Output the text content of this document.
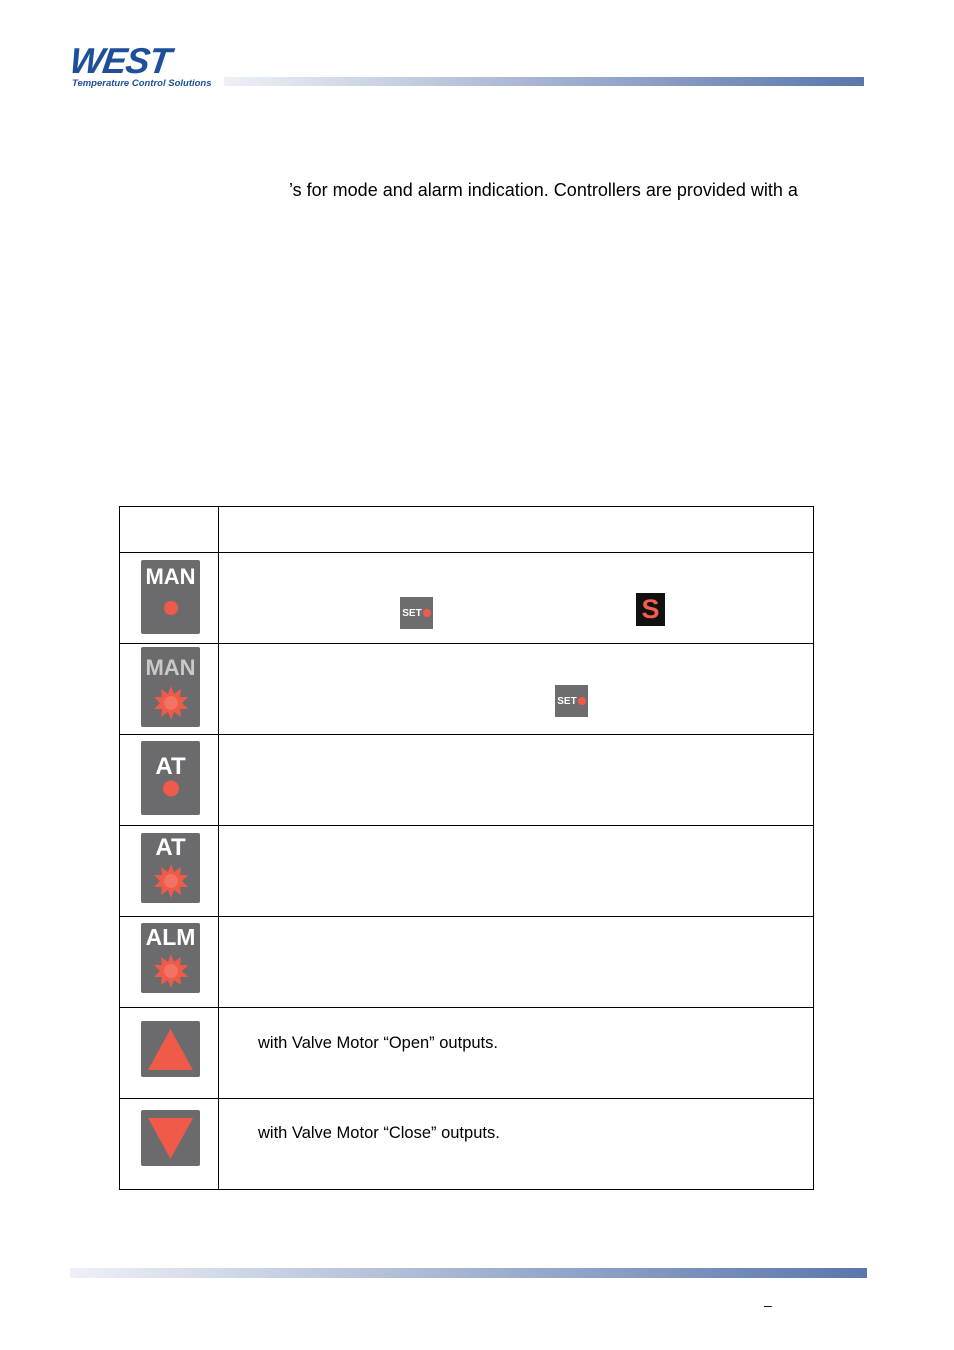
WEST
Temperature Control Solutions
’s for mode and alarm indication. Controllers are provided with a

MAN	SET S

MAN	SET

AT	

AT	

ALM	

with Valve Motor “Open” outputs.

with Valve Motor “Close” outputs.
–
